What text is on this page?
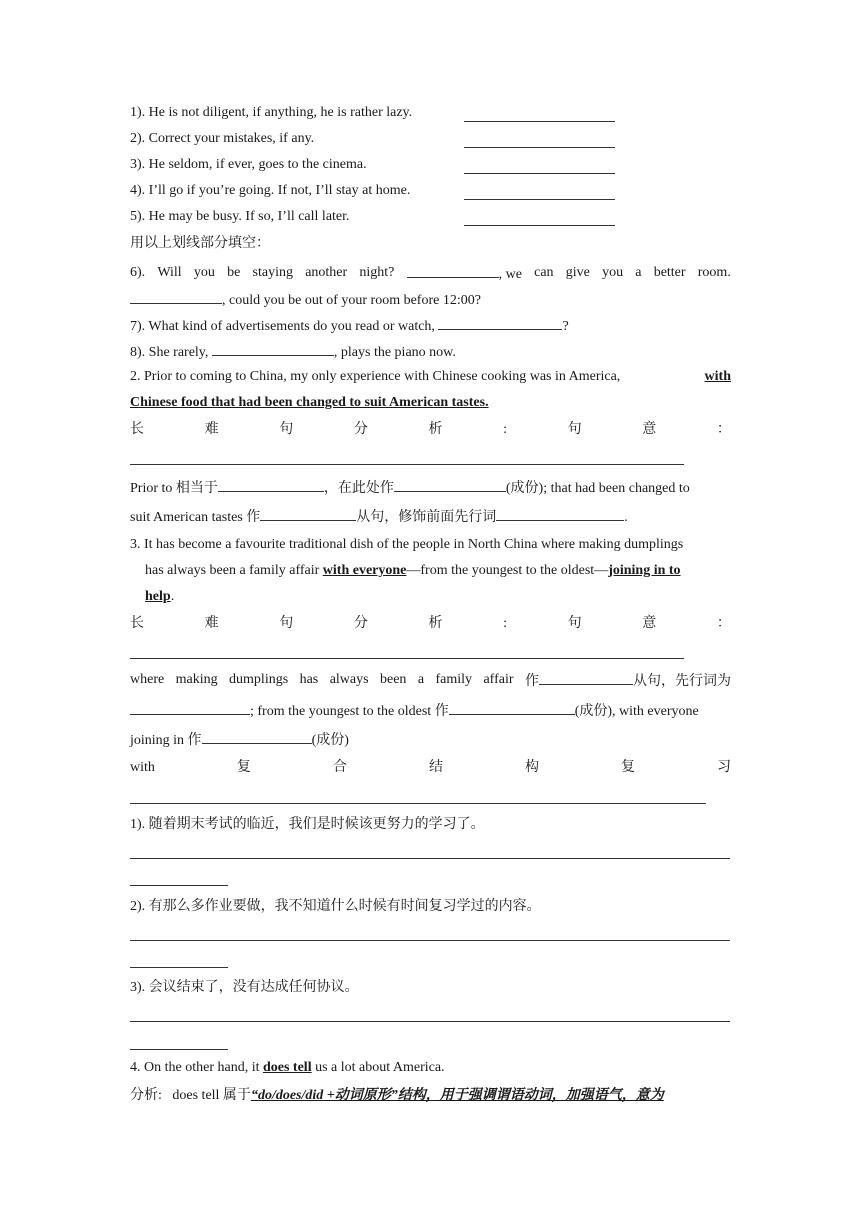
1). He is not diligent, if anything, he is rather lazy.
2). Correct your mistakes, if any.
3). He seldom, if ever, goes to the cinema.
4). I’ll go if you’re going. If not, I’ll stay at home.
5). He may be busy. If so, I’ll call later.
用以上划线部分填空：
6). Will you be staying another night?	, we can give you a better room.
, could you be out of your room before 12:00?
7). What kind of advertisements do you read or watch,	?
8). She rarely,	, plays the piano now.
2. Prior to coming to China, my only experience with Chinese cooking was in America,	with
Chinese food that had been changed to suit American tastes.
长	难	句	分	析	:	句	意	：
Prior to 相当于	，在此处作	(成份); that had been changed to
suit American tastes 作	从句，修饰前面先行词	.
3. It has become a favourite traditional dish of the people in North China where making dumplings
has always been a family affair with everyone—from the youngest to the oldest—joining in to
help.
长	难	句	分	析	:	句	意	：
where making dumplings has always been a family affair 作	从句，先行词为
; from the youngest to the oldest 作	(成份), with everyone
joining in 作	(成份)
with	复	合	结	构	复	习
1). 随着期末考试的临近，我们是时候该更努力的学习了。
2). 有那么多作业要做，我不知道什么时候有时间复习学过的内容。
3). 会议结束了，没有达成任何协议。
4. On the other hand, it does tell us a lot about America.
分析: does tell 属于“do/does/did +动词原形”结构，用于强调谓语动词，加强语气，意为
